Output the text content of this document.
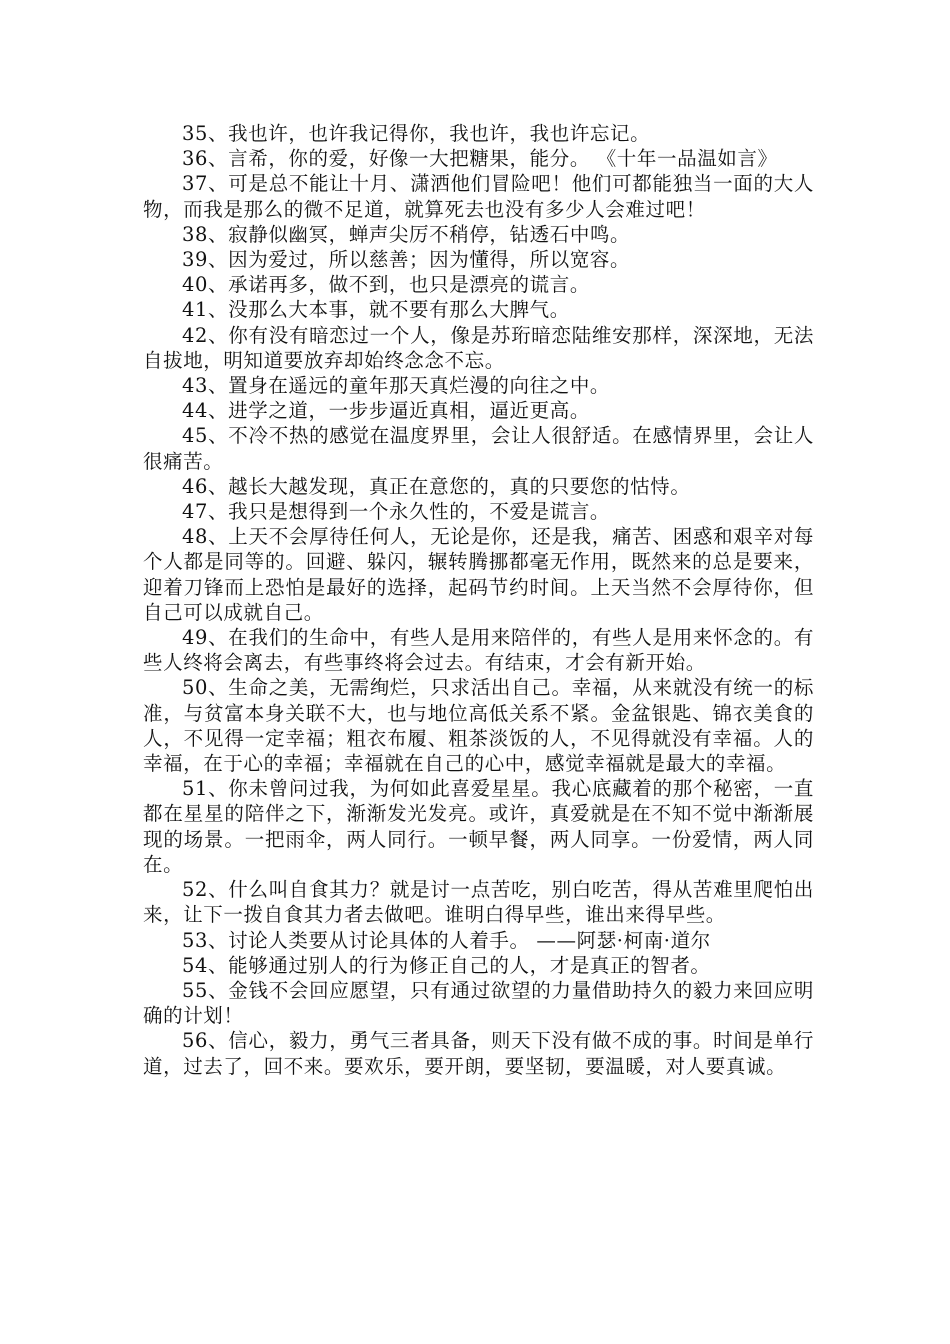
35、我也许，也许我记得你，我也许，我也许忘记。

36、言希，你的爱，好像一大把糖果，能分。 《十年一品温如言》

37、可是总不能让十月、潇洒他们冒险吧！他们可都能独当一面的大人物，而我是那么的微不足道，就算死去也没有多少人会难过吧！

38、寂静似幽冥，蝉声尖厉不稍停，钻透石中鸣。

39、因为爱过，所以慈善；因为懂得，所以宽容。

40、承诺再多，做不到，也只是漂亮的谎言。

41、没那么大本事，就不要有那么大脾气。

42、你有没有暗恋过一个人，像是苏珩暗恋陆维安那样，深深地，无法自拔地，明知道要放弃却始终念念不忘。

43、置身在遥远的童年那天真烂漫的向往之中。

44、进学之道，一步步逼近真相，逼近更高。

45、不冷不热的感觉在温度界里，会让人很舒适。在感情界里，会让人很痛苦。

46、越长大越发现，真正在意您的，真的只要您的怙恃。

47、我只是想得到一个永久性的，不爱是谎言。

48、上天不会厚待任何人，无论是你，还是我，痛苦、困惑和艰辛对每个人都是同等的。回避、躲闪，辗转腾挪都毫无作用，既然来的总是要来，迎着刀锋而上恐怕是最好的选择，起码节约时间。上天当然不会厚待你，但自己可以成就自己。

49、在我们的生命中，有些人是用来陪伴的，有些人是用来怀念的。有些人终将会离去，有些事终将会过去。有结束，才会有新开始。

50、生命之美，无需绚烂，只求活出自己。幸福，从来就没有统一的标准，与贫富本身关联不大，也与地位高低关系不紧。金盆银匙、锦衣美食的人，不见得一定幸福；粗衣布履、粗茶淡饭的人，不见得就没有幸福。人的幸福，在于心的幸福；幸福就在自己的心中，感觉幸福就是最大的幸福。

51、你未曾问过我，为何如此喜爱星星。我心底藏着的那个秘密，一直都在星星的陪伴之下，渐渐发光发亮。或许，真爱就是在不知不觉中渐渐展现的场景。一把雨伞，两人同行。一顿早餐，两人同享。一份爱情，两人同在。

52、什么叫自食其力？就是讨一点苦吃，别白吃苦，得从苦难里爬怕出来，让下一拨自食其力者去做吧。谁明白得早些，谁出来得早些。

53、讨论人类要从讨论具体的人着手。 ——阿瑟·柯南·道尔

54、能够通过别人的行为修正自己的人，才是真正的智者。

55、金钱不会回应愿望，只有通过欲望的力量借助持久的毅力来回应明确的计划！

56、信心，毅力，勇气三者具备，则天下没有做不成的事。时间是单行道，过去了，回不来。要欢乐，要开朗，要坚韧，要温暖，对人要真诚。
